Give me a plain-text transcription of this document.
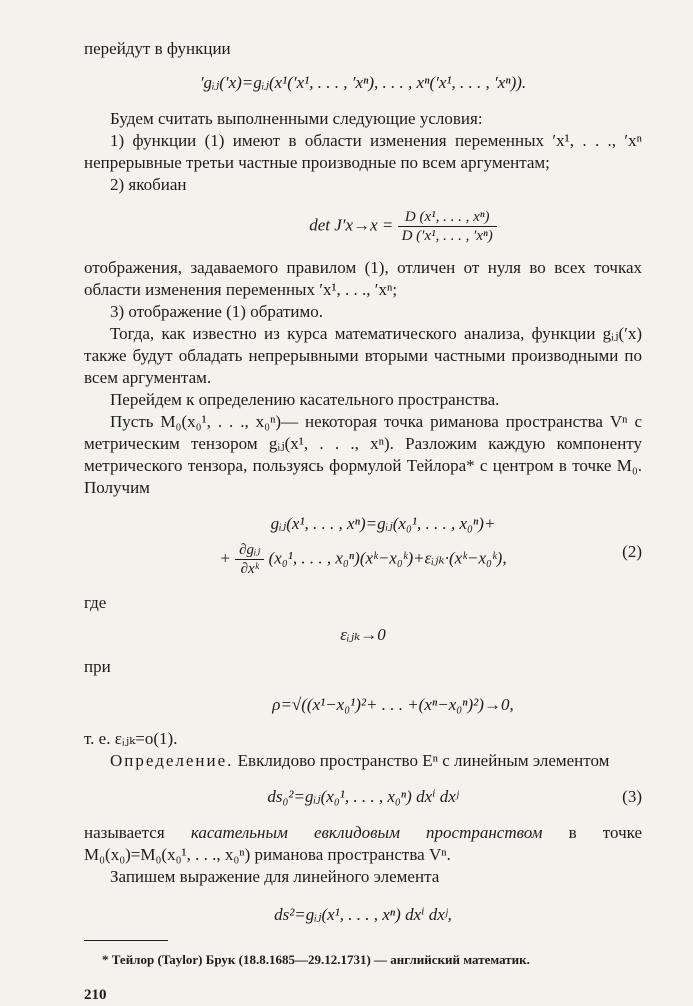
перейдут в функции

′gᵢⱼ(′x)=gᵢⱼ(x¹(′x¹, . . . , ′xⁿ), . . . , xⁿ(′x¹, . . . , ′xⁿ)).

Будем считать выполненными следующие условия:

1) функции (1) имеют в области изменения переменных ′x¹, . . ., ′xⁿ непрерывные третьи частные производные по всем аргументам;

2) якобиан

$\det J'x\to x = \frac{\text{D (x¹, . . . , xⁿ)}}{\text{D (′x¹, . . . , ′xⁿ)}}$

отображения, задаваемого правилом (1), отличен от нуля во всех точках области изменения переменных ′x¹, . . ., ′xⁿ;

3) отображение (1) обратимо.

Тогда, как известно из курса математического анализа, функции gᵢⱼ(′x) также будут обладать непрерывными вторыми частными производными по всем аргументам.

Перейдем к определению касательного пространства.

Пусть M₀(x₀¹, . . ., x₀ⁿ)— некоторая точка риманова пространства Vⁿ с метрическим тензором gᵢⱼ(x¹, . . ., xⁿ). Разложим каждую компоненту метрического тензора, пользуясь формулой Тейлора* с центром в точке M₀. Получим

gᵢⱼ(x¹, . . . , xⁿ)=gᵢⱼ(x₀¹, . . . , x₀ⁿ)+
+ $\frac{\text{∂gᵢⱼ}}{\text{∂xᵏ}} (x_0^1$, . . . , x₀ⁿ)(xᵏ−x₀ᵏ)+εᵢⱼₖ·(xᵏ−x₀ᵏ),	(2)

где

εᵢⱼₖ→0

при

ρ=√((x¹−x₀¹)²+ . . . +(xⁿ−x₀ⁿ)²)→0,

т. е. εᵢⱼₖ=o(1).

Определение. Евклидово пространство Eⁿ с линейным элементом

ds₀²=gᵢⱼ(x₀¹, . . . , x₀ⁿ) dxⁱ dxʲ	(3)

называется касательным евклидовым пространством в точке M₀(x₀)=M₀(x₀¹, . . ., x₀ⁿ) риманова пространства Vⁿ.

Запишем выражение для линейного элемента

ds²=gᵢⱼ(x¹, . . . , xⁿ) dxⁱ dxʲ,

* Тейлор (Taylor) Брук (18.8.1685—29.12.1731) — английский математик.

210
